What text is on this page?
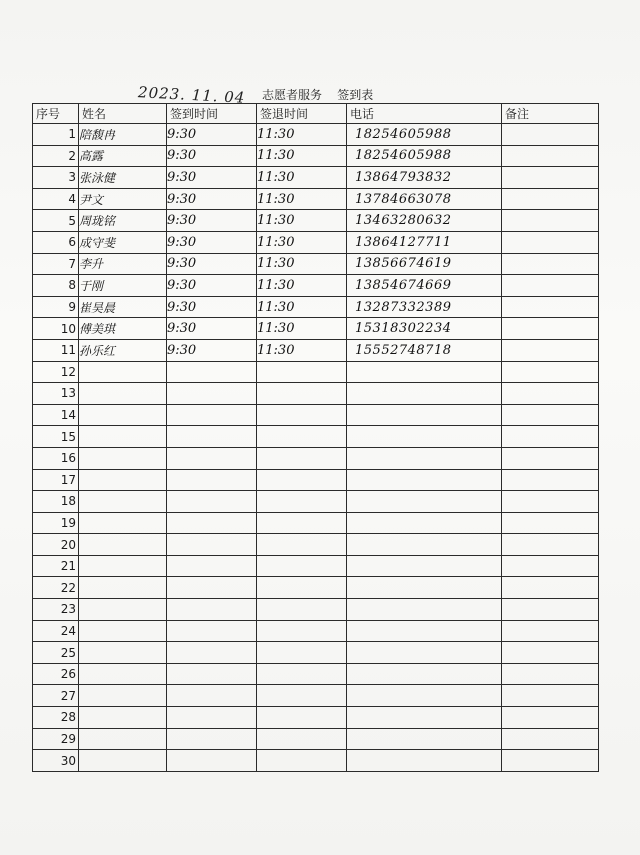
2023. 11. 04 志愿者服务    签到表
序号	姓名	签到时间	签退时间	电话	备注
1	陪馥冉	9:30	11:30	18254605988	
2	高露	9:30	11:30	18254605988	
3	张泳健	9:30	11:30	13864793832	
4	尹文	9:30	11:30	13784663078	
5	周珑铭	9:30	11:30	13463280632	
6	成守斐	9:30	11:30	13864127711	
7	李升	9:30	11:30	13856674619	
8	于刚	9:30	11:30	13854674669	
9	崔昊晨	9:30	11:30	13287332389	
10	傅美琪	9:30	11:30	15318302234	
11	孙乐红	9:30	11:30	15552748718	
12					
13					
14					
15					
16					
17					
18					
19					
20					
21					
22					
23					
24					
25					
26					
27					
28					
29					
30					
